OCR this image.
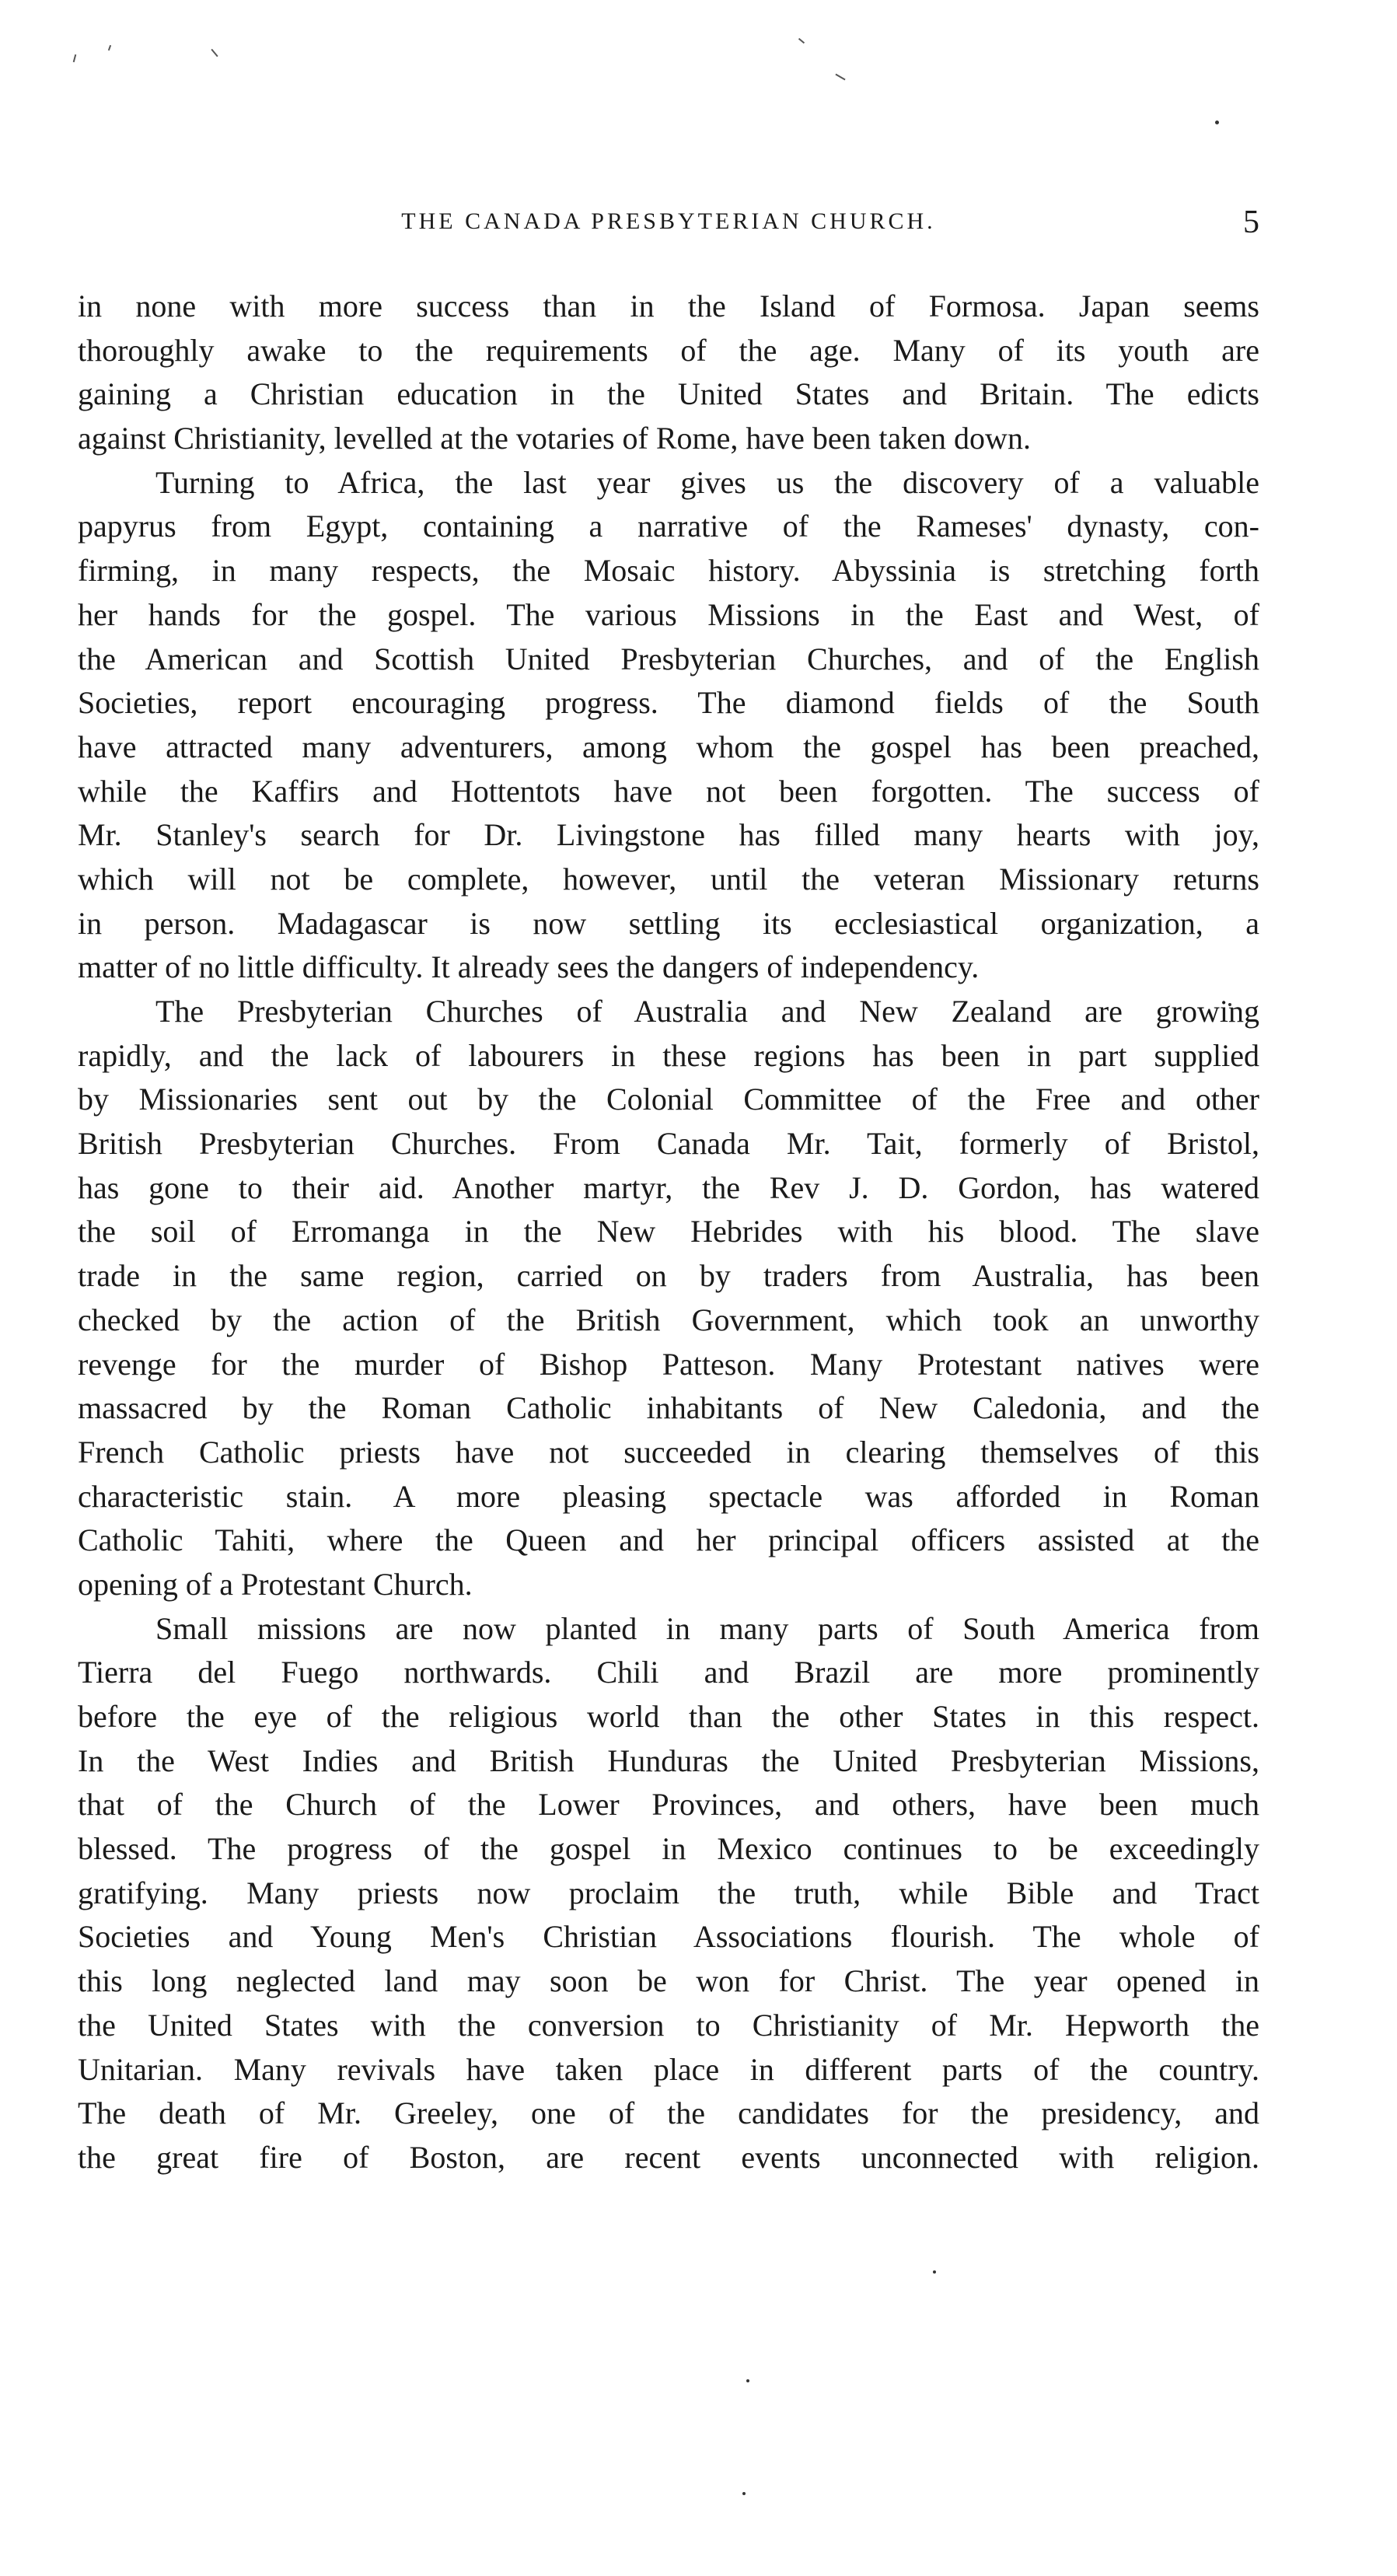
THE CANADA PRESBYTERIAN CHURCH.	5
in none with more success than in the Island of Formosa. Japan seems
thoroughly awake to the requirements of the age. Many of its youth are
gaining a Christian education in the United States and Britain. The edicts
against Christianity, levelled at the votaries of Rome, have been taken down.
Turning to Africa, the last year gives us the discovery of a valuable
papyrus from Egypt, containing a narrative of the Rameses' dynasty, con-
firming, in many respects, the Mosaic history. Abyssinia is stretching forth
her hands for the gospel. The various Missions in the East and West, of
the American and Scottish United Presbyterian Churches, and of the English
Societies, report encouraging progress. The diamond fields of the South
have attracted many adventurers, among whom the gospel has been preached,
while the Kaffirs and Hottentots have not been forgotten. The success of
Mr. Stanley's search for Dr. Livingstone has filled many hearts with joy,
which will not be complete, however, until the veteran Missionary returns
in person. Madagascar is now settling its ecclesiastical organization, a
matter of no little difficulty. It already sees the dangers of independency.
The Presbyterian Churches of Australia and New Zealand are growing
rapidly, and the lack of labourers in these regions has been in part supplied
by Missionaries sent out by the Colonial Committee of the Free and other
British Presbyterian Churches. From Canada Mr. Tait, formerly of Bristol,
has gone to their aid. Another martyr, the Rev J. D. Gordon, has watered
the soil of Erromanga in the New Hebrides with his blood. The slave
trade in the same region, carried on by traders from Australia, has been
checked by the action of the British Government, which took an unworthy
revenge for the murder of Bishop Patteson. Many Protestant natives were
massacred by the Roman Catholic inhabitants of New Caledonia, and the
French Catholic priests have not succeeded in clearing themselves of this
characteristic stain. A more pleasing spectacle was afforded in Roman
Catholic Tahiti, where the Queen and her principal officers assisted at the
opening of a Protestant Church.
Small missions are now planted in many parts of South America from
Tierra del Fuego northwards. Chili and Brazil are more prominently
before the eye of the religious world than the other States in this respect.
In the West Indies and British Hunduras the United Presbyterian Missions,
that of the Church of the Lower Provinces, and others, have been much
blessed. The progress of the gospel in Mexico continues to be exceedingly
gratifying. Many priests now proclaim the truth, while Bible and Tract
Societies and Young Men's Christian Associations flourish. The whole of
this long neglected land may soon be won for Christ. The year opened in
the United States with the conversion to Christianity of Mr. Hepworth the
Unitarian. Many revivals have taken place in different parts of the country.
The death of Mr. Greeley, one of the candidates for the presidency, and
the great fire of Boston, are recent events unconnected with religion.
